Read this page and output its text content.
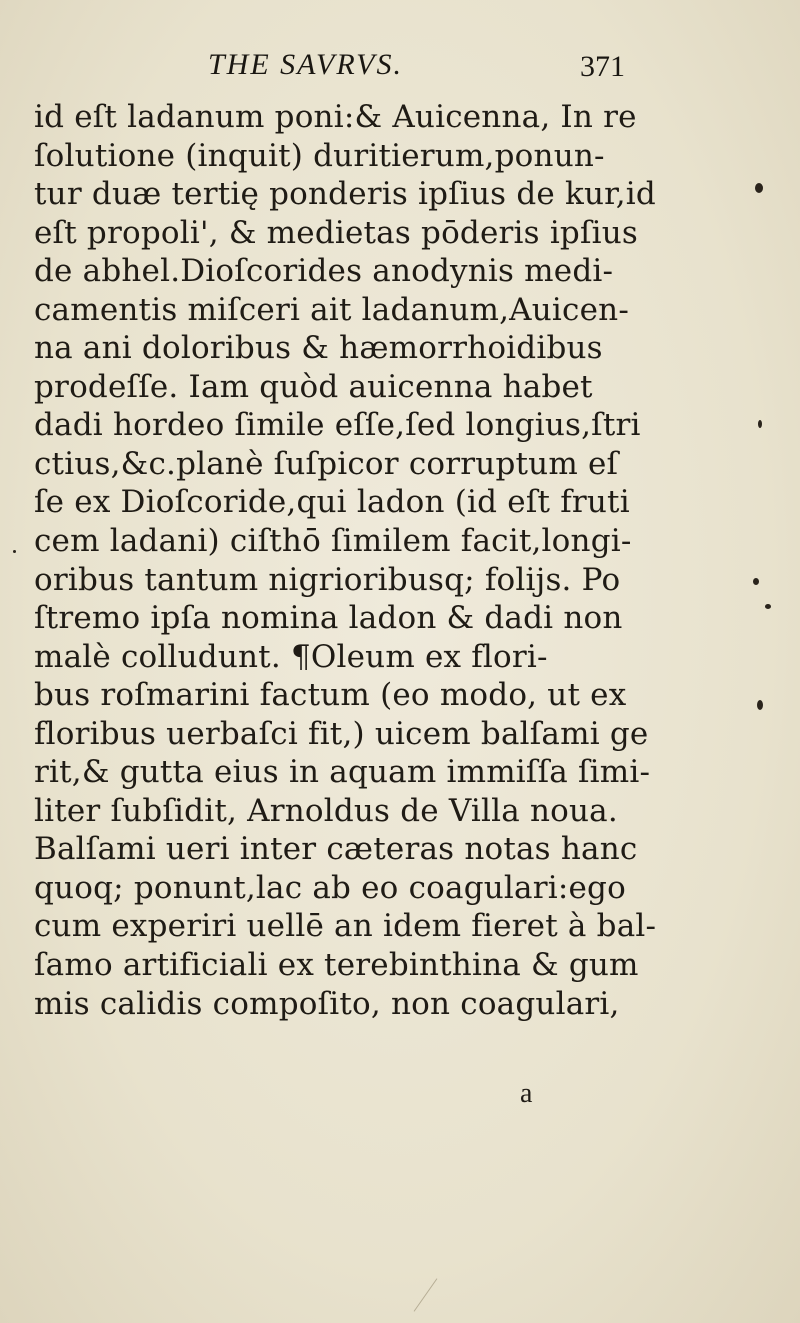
THE SAVRVS.	371
id eſt ladanum poni:& Auicenna, In re
ſolutione (inquit) duritierum,ponun-
tur duæ tertię ponderis ipſius de kur,id
eſt propoli', & medietas pōderis ipſius
de abhel.Dioſcorides anodynis medi-
camentis miſceri ait ladanum,Auicen-
na ani doloribus & hæmorrhoidibus
prodeſſe. Iam quòd auicenna habet
dadi hordeo ſimile eſſe,ſed longius,ſtri
ctius,&c.planè ſuſpicor corruptum eſ
ſe ex Dioſcoride,qui ladon (id eſt fruti
cem ladani) ciſthō ſimilem facit,longi-
oribus tantum nigrioribusq; folijs. Po
ſtremo ipſa nomina ladon & dadi non
malè colludunt. ¶Oleum ex flori-
bus roſmarini factum (eo modo, ut ex
floribus uerbaſci fit,) uicem balſami ge
rit,& gutta eius in aquam immiſſa ſimi-
liter ſubſidit, Arnoldus de Villa noua.
Balſami ueri inter cæteras notas hanc
quoq; ponunt,lac ab eo coagulari:ego
cum experiri uellē an idem fieret à bal-
ſamo artificiali ex terebinthina & gum
mis calidis compoſito, non coagulari,
a
